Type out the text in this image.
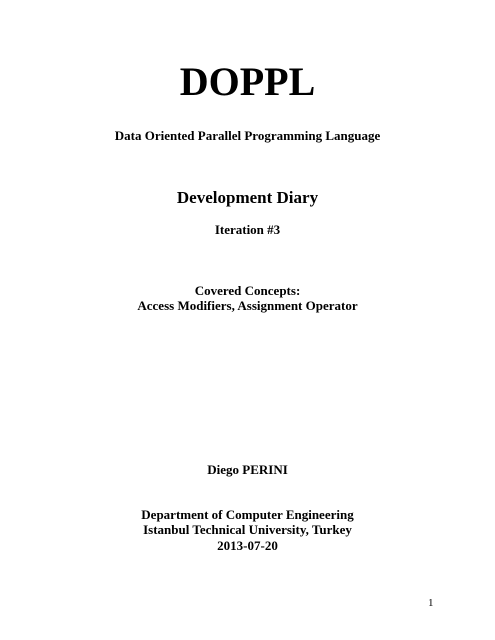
DOPPL
Data Oriented Parallel Programming Language
Development Diary
Iteration #3
Covered Concepts:
Access Modifiers, Assignment Operator
Diego PERINI
Department of Computer Engineering
Istanbul Technical University, Turkey
2013-07-20
1
